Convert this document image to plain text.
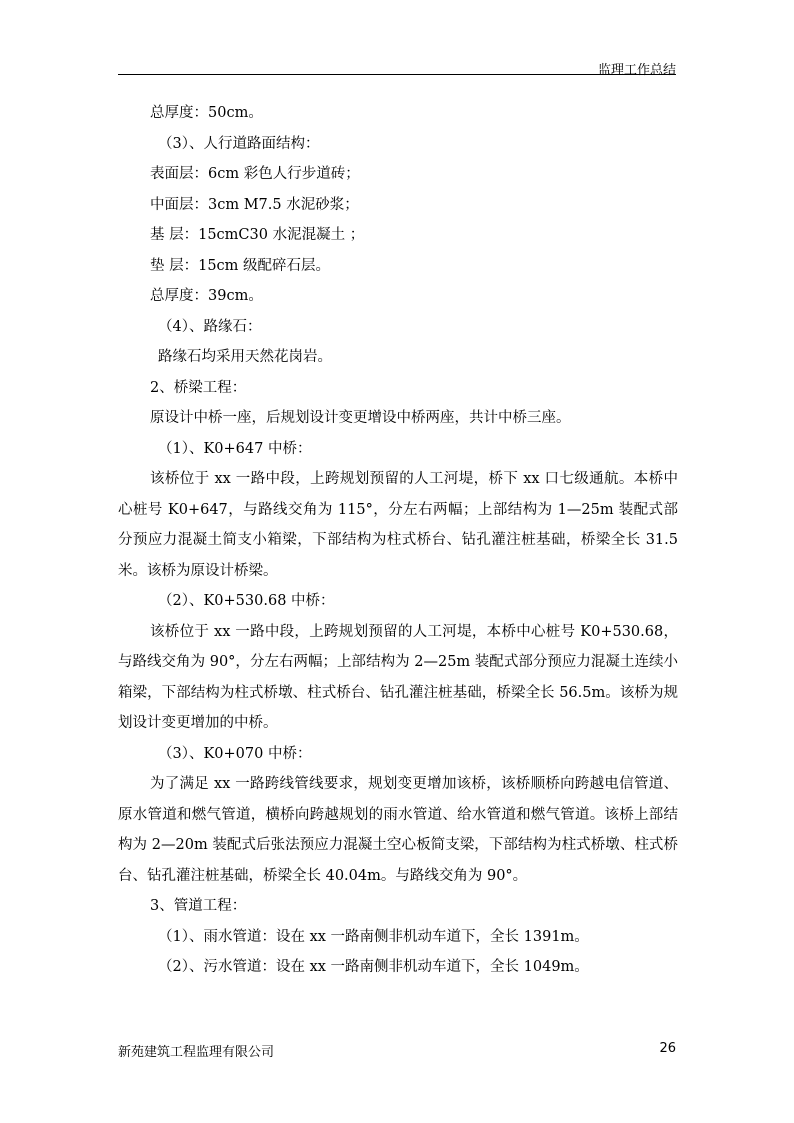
监理工作总结

总厚度：50cm。

（3）、人行道路面结构：

表面层：6cm 彩色人行步道砖；

中面层：3cm M7.5 水泥砂浆；

基 层：15cmC30 水泥混凝土 ；

垫 层：15cm 级配碎石层。

总厚度：39cm。

（4）、路缘石：

路缘石均采用天然花岗岩。

2、桥梁工程：

原设计中桥一座，后规划设计变更增设中桥两座，共计中桥三座。

（1）、K0+647 中桥：

该桥位于 xx 一路中段，上跨规划预留的人工河堤，桥下 xx 口七级通航。本桥中心桩号 K0+647，与路线交角为 115°，分左右两幅；上部结构为 1—25m 装配式部分预应力混凝土简支小箱梁，下部结构为柱式桥台、钻孔灌注桩基础，桥梁全长 31.5 米。该桥为原设计桥梁。

（2）、K0+530.68 中桥：

该桥位于 xx 一路中段，上跨规划预留的人工河堤，本桥中心桩号 K0+530.68，与路线交角为 90°，分左右两幅；上部结构为 2—25m 装配式部分预应力混凝土连续小箱梁，下部结构为柱式桥墩、柱式桥台、钻孔灌注桩基础，桥梁全长 56.5m。该桥为规划设计变更增加的中桥。

（3）、K0+070 中桥：

为了满足 xx 一路跨线管线要求，规划变更增加该桥，该桥顺桥向跨越电信管道、原水管道和燃气管道，横桥向跨越规划的雨水管道、给水管道和燃气管道。该桥上部结构为 2—20m 装配式后张法预应力混凝土空心板简支梁，下部结构为柱式桥墩、柱式桥台、钻孔灌注桩基础，桥梁全长 40.04m。与路线交角为 90°。

3、管道工程：

（1）、雨水管道：设在 xx 一路南侧非机动车道下，全长 1391m。

（2）、污水管道：设在 xx 一路南侧非机动车道下，全长 1049m。

新苑建筑工程监理有限公司	26
